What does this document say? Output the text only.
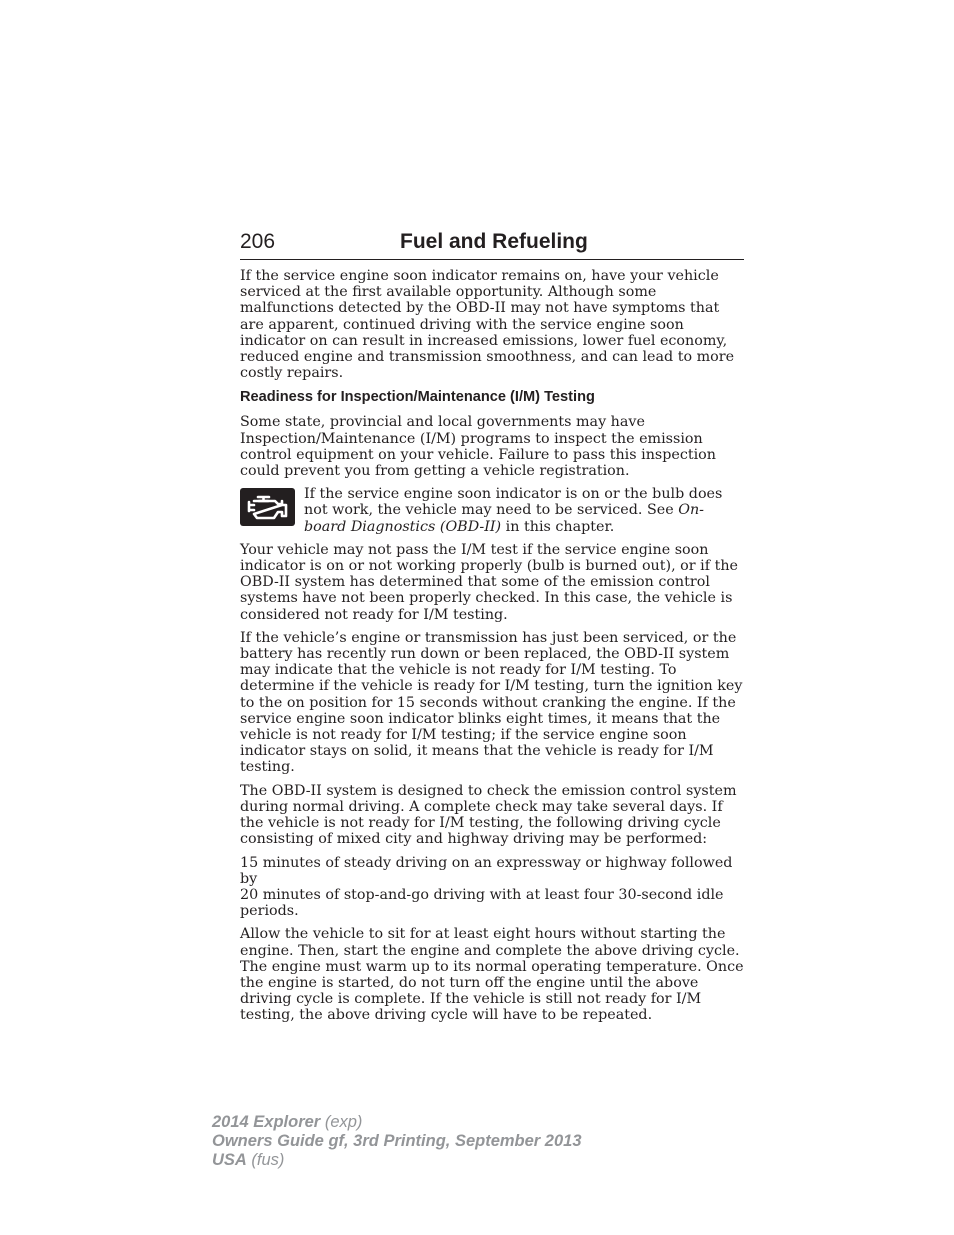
206	Fuel and Refueling

If the service engine soon indicator remains on, have your vehicle serviced at the first available opportunity. Although some malfunctions detected by the OBD-II may not have symptoms that are apparent, continued driving with the service engine soon indicator on can result in increased emissions, lower fuel economy, reduced engine and transmission smoothness, and can lead to more costly repairs.

Readiness for Inspection/Maintenance (I/M) Testing

Some state, provincial and local governments may have Inspection/Maintenance (I/M) programs to inspect the emission control equipment on your vehicle. Failure to pass this inspection could prevent you from getting a vehicle registration.

If the service engine soon indicator is on or the bulb does not work, the vehicle may need to be serviced. See On-board Diagnostics (OBD-II) in this chapter.

Your vehicle may not pass the I/M test if the service engine soon indicator is on or not working properly (bulb is burned out), or if the OBD-II system has determined that some of the emission control systems have not been properly checked. In this case, the vehicle is considered not ready for I/M testing.

If the vehicle’s engine or transmission has just been serviced, or the battery has recently run down or been replaced, the OBD-II system may indicate that the vehicle is not ready for I/M testing. To determine if the vehicle is ready for I/M testing, turn the ignition key to the on position for 15 seconds without cranking the engine. If the service engine soon indicator blinks eight times, it means that the vehicle is not ready for I/M testing; if the service engine soon indicator stays on solid, it means that the vehicle is ready for I/M testing.

The OBD-II system is designed to check the emission control system during normal driving. A complete check may take several days. If the vehicle is not ready for I/M testing, the following driving cycle consisting of mixed city and highway driving may be performed:

15 minutes of steady driving on an expressway or highway followed by
20 minutes of stop-and-go driving with at least four 30-second idle periods.

Allow the vehicle to sit for at least eight hours without starting the engine. Then, start the engine and complete the above driving cycle. The engine must warm up to its normal operating temperature. Once the engine is started, do not turn off the engine until the above driving cycle is complete. If the vehicle is still not ready for I/M testing, the above driving cycle will have to be repeated.

2014 Explorer (exp)
Owners Guide gf, 3rd Printing, September 2013
USA (fus)
